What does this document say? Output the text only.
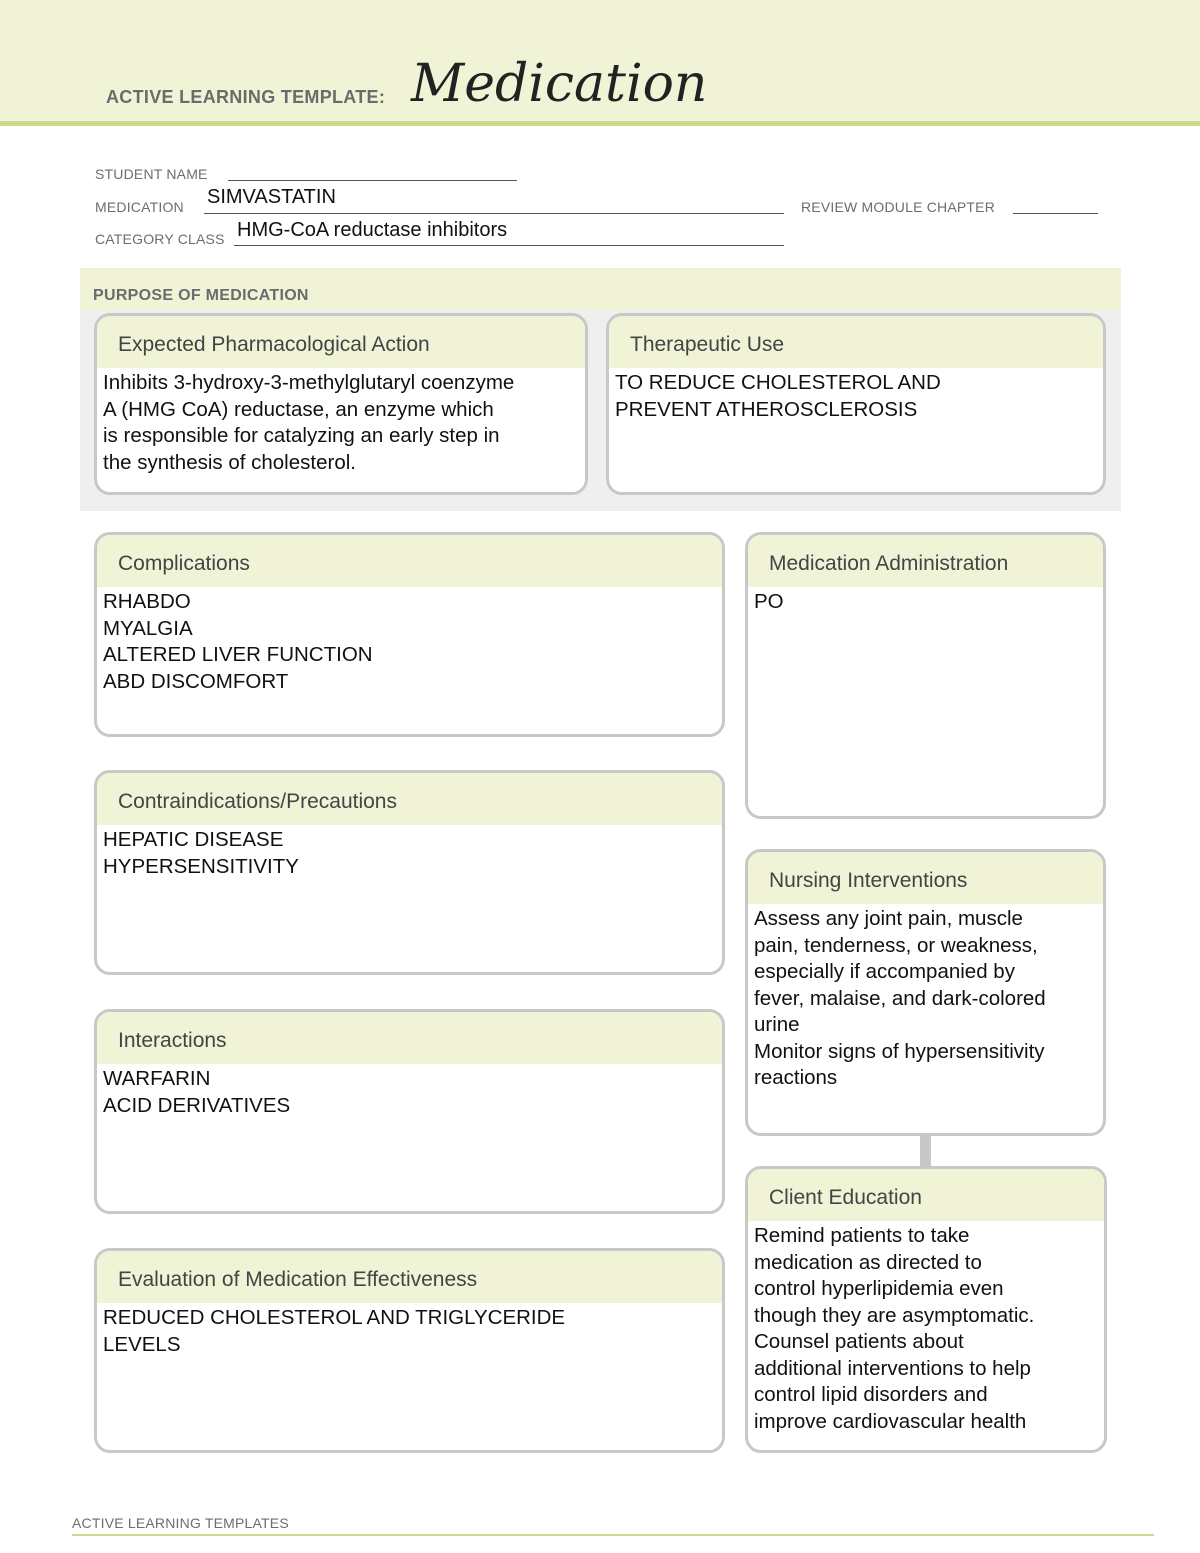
ACTIVE LEARNING TEMPLATE: Medication
STUDENT NAME
MEDICATION SIMVASTATIN	REVIEW MODULE CHAPTER
CATEGORY CLASS HMG-CoA reductase inhibitors
PURPOSE OF MEDICATION
Expected Pharmacological Action
Inhibits 3-hydroxy-3-methylglutaryl coenzyme
A (HMG CoA) reductase, an enzyme which
is responsible for catalyzing an early step in
the synthesis of cholesterol.
Therapeutic Use
TO REDUCE CHOLESTEROL AND
PREVENT ATHEROSCLEROSIS
Complications
RHABDO
MYALGIA
ALTERED LIVER FUNCTION
ABD DISCOMFORT
Contraindications/Precautions
HEPATIC DISEASE
HYPERSENSITIVITY
Interactions
WARFARIN
ACID DERIVATIVES
Evaluation of Medication Effectiveness
REDUCED CHOLESTEROL AND TRIGLYCERIDE
LEVELS
Medication Administration
PO
Nursing Interventions
Assess any joint pain, muscle
pain, tenderness, or weakness,
especially if accompanied by
fever, malaise, and dark-colored
urine
Monitor signs of hypersensitivity
reactions
Client Education
Remind patients to take
medication as directed to
control hyperlipidemia even
though they are asymptomatic.
Counsel patients about
additional interventions to help
control lipid disorders and
improve cardiovascular health
ACTIVE LEARNING TEMPLATES
